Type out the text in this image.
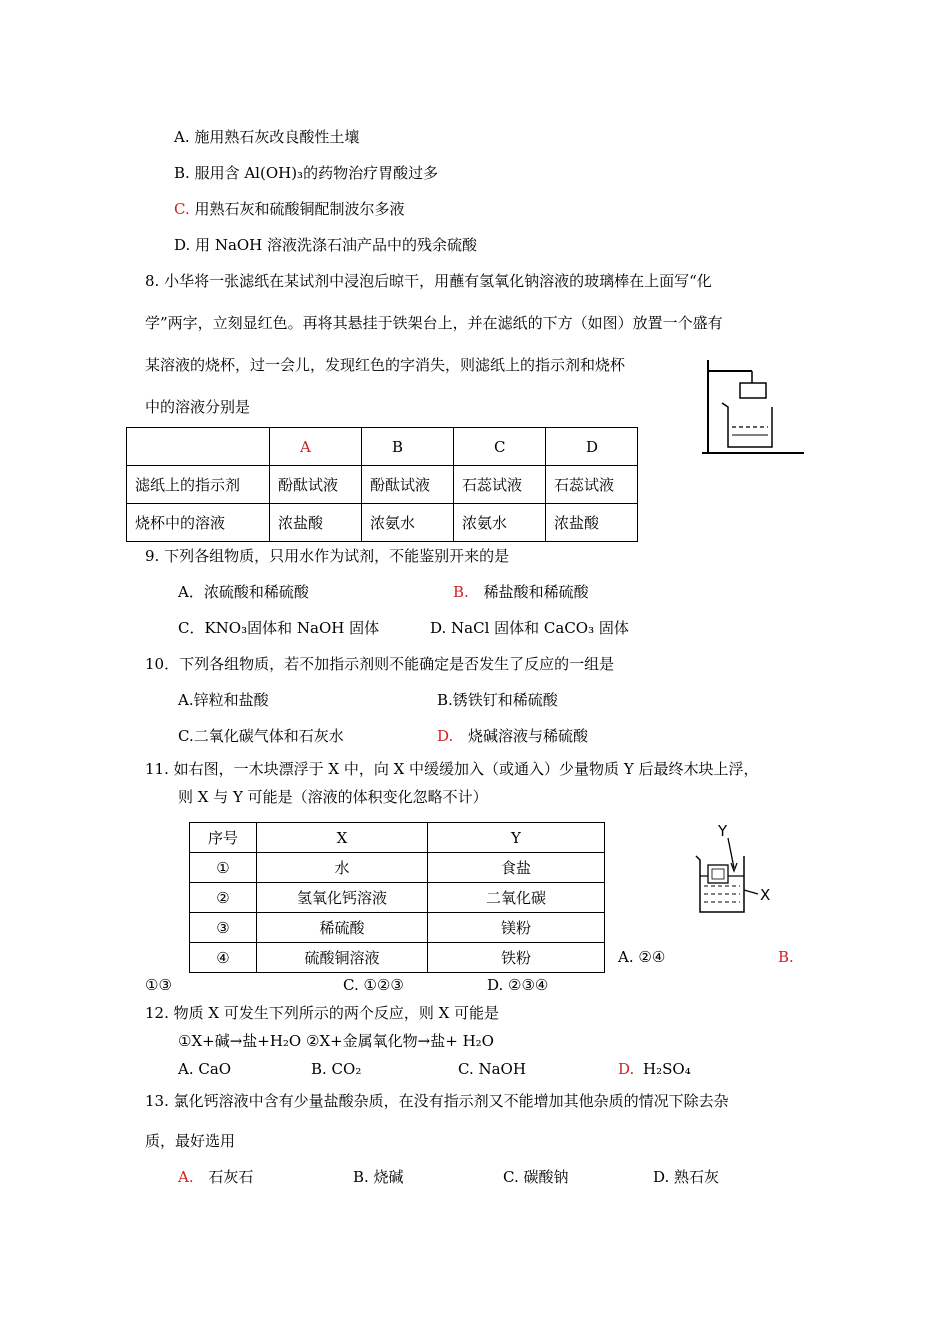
A. 施用熟石灰改良酸性土壤
B. 服用含 Al(OH)₃的药物治疗胃酸过多
C. 用熟石灰和硫酸铜配制波尔多液
D. 用 NaOH 溶液洗涤石油产品中的残余硫酸
8. 小华将一张滤纸在某试剂中浸泡后晾干，用蘸有氢氧化钠溶液的玻璃棒在上面写“化
学”两字，立刻显红色。再将其悬挂于铁架台上，并在滤纸的下方（如图）放置一个盛有
某溶液的烧杯，过一会儿，发现红色的字消失，则滤纸上的指示剂和烧杯
中的溶液分别是
	A	B	C	D
滤纸上的指示剂	酚酞试液	酚酞试液	石蕊试液	石蕊试液
烧杯中的溶液	浓盐酸	浓氨水	浓氨水	浓盐酸
9. 下列各组物质，只用水作为试剂，不能鉴别开来的是
A．浓硫酸和稀硫酸	B. 稀盐酸和稀硫酸
C．KNO₃固体和 NaOH 固体	D. NaCl 固体和 CaCO₃ 固体
10．下列各组物质，若不加指示剂则不能确定是否发生了反应的一组是
A.锌粒和盐酸	B.锈铁钉和稀硫酸
C.二氧化碳气体和石灰水	D. 烧碱溶液与稀硫酸
11. 如右图，一木块漂浮于 X 中，向 X 中缓缓加入（或通入）少量物质 Y 后最终木块上浮，
则 X 与 Y 可能是（溶液的体积变化忽略不计）
序号	X	Y
①	水	食盐
②	氢氧化钙溶液	二氧化碳
③	稀硫酸	镁粉
④	硫酸铜溶液	铁粉
Y
X
A. ②④	B.
①③	C. ①②③	D. ②③④
12. 物质 X 可发生下列所示的两个反应，则 X 可能是
①X+碱→盐+H₂O ②X+金属氧化物→盐+ H₂O
A. CaO	B. CO₂	C. NaOH	D. H₂SO₄
13. 氯化钙溶液中含有少量盐酸杂质，在没有指示剂又不能增加其他杂质的情况下除去杂
质，最好选用
A. 石灰石	B. 烧碱	C. 碳酸钠	D. 熟石灰
